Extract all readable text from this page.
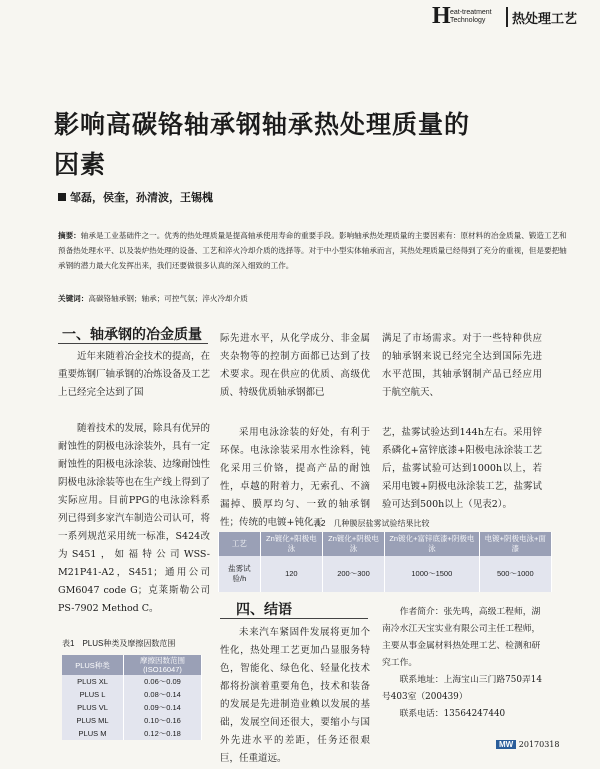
H eat-treatment
Technology	热处理工艺
影响高碳铬轴承钢轴承热处理质量的因素
邹磊，侯奎，孙清波，王锡槐
摘要：轴承是工业基础件之一。优秀的热处理质量是提高轴承使用寿命的重要手段。影响轴承热处理质量的主要因素有：原材料的冶金质量、锻造工艺和预备热处理水平、以及装炉热处理的设备、工艺和淬火冷却介质的选择等。对于中小型实体轴承而言，其热处理质量已经得到了充分的重视，但是要把轴承钢的潜力最大化发挥出来，我们还要做很多认真的深入细致的工作。
关键词：高碳铬轴承钢；轴承；可控气氛；淬火冷却介质
一、轴承钢的冶金质量
近年来随着冶金技术的提高，在重要炼钢厂轴承钢的冶炼设备及工艺上已经完全达到了国
际先进水平，从化学成分、非金属夹杂物等的控制方面都已达到了技术要求。现在供应的优质、高级优质、特级优质轴承钢都已
满足了市场需求。对于一些特种供应的轴承钢来说已经完全达到国际先进水平范围，其轴承钢制产品已经应用于航空航天、
随着技术的发展，除具有优异的耐蚀性的阴极电泳涂装外，具有一定耐蚀性的阳极电泳涂装、边缘耐蚀性阴极电泳涂装等也在生产线上得到了实际应用。目前PPG的电泳涂料系列已得到多家汽车制造公司认可，将一系列规范采用统一标准，S424改为S451，如福特公司WSS-M21P41-A2，S451；通用公司GM6047 code G；克莱斯勒公司PS-7902 Method C。
采用电泳涂装的好处，有利于环保。电泳涂装采用水性涂料，钝化采用三价铬，提高产品的耐蚀性，卓越的附着力，无索孔、不滴漏掉、膜厚均匀、一致的轴承钢性；传统的电镀+钝化工
艺，盐雾试验达到144h左右。采用锌系磷化+富锌底漆+阳极电泳涂装工艺后，盐雾试验可达到1000h以上，若采用电镀+阴极电泳涂装工艺，盐雾试验可达到500h以上（见表2）。
表2　几种膜层盐雾试验结果比较
工艺	Zn镀化+阳极电泳	Zn镀化+阴极电泳	Zn镀化+富锌底漆+阴极电泳	电镀+阴极电泳+面漆
盐雾试验/h	120	200～300	1000～1500	500～1000
四、结语
未来汽车紧固件发展将更加个性化，热处理工艺更加凸显服务特色，智能化、绿色化、轻量化技术都将扮演着重要角色，技术和装备的发展是先进制造业赖以发展的基础，发展空间还很大，要缩小与国外先进水平的差距，任务还很艰巨，任重道远。
表1　PLUS种类及摩擦因数范围
PLUS种类	摩擦因数范围 (ISO16047)
PLUS XL	0.06～0.09
PLUS L	0.08～0.14
PLUS VL	0.09～0.14
PLUS ML	0.10～0.16
PLUS M	0.12～0.18
作者简介：张先鸣，高级工程师，湖南冷水江天宝实业有限公司主任工程师，主要从事金属材料热处理工艺、检测和研究工作。
联系地址：上海宝山三门路750弄14号403室（200439）
联系电话：13564247440
MW 20170318
